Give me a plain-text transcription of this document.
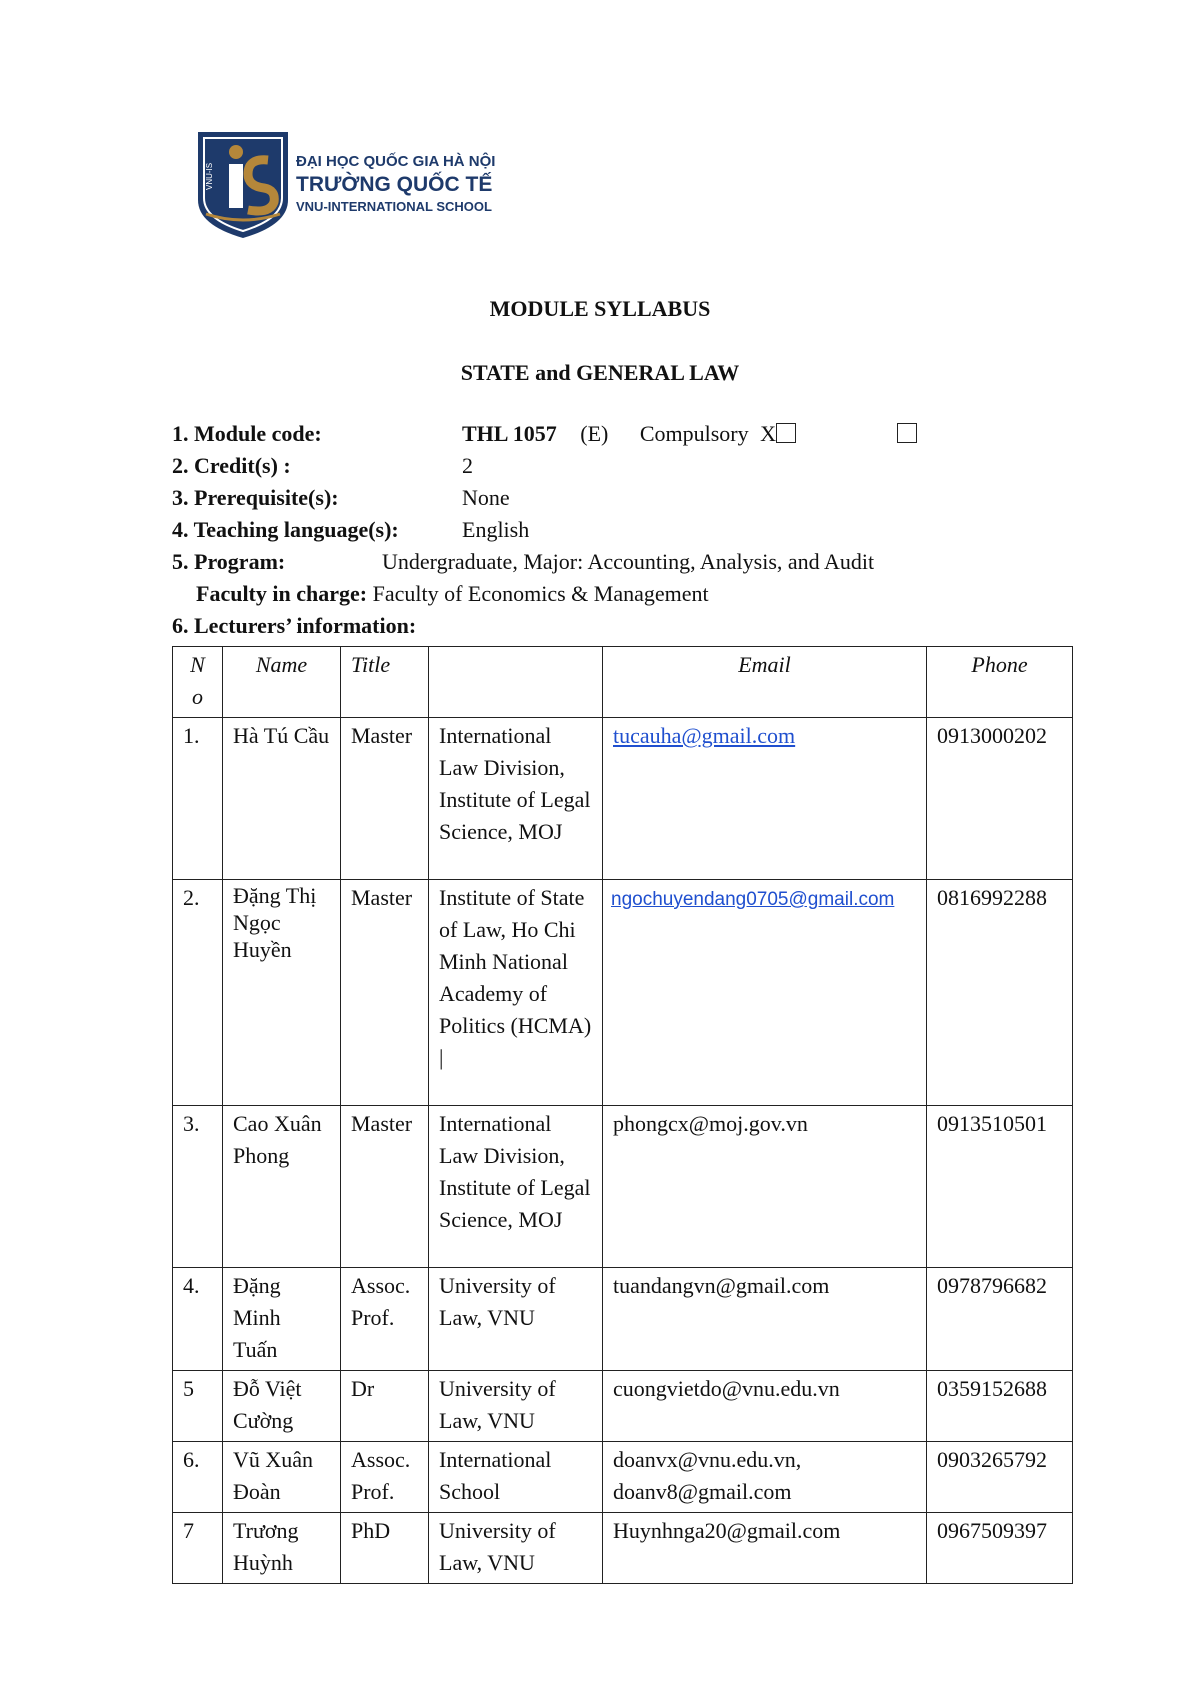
VNU-IS
ĐẠI HỌC QUỐC GIA HÀ NỘI
TRƯỜNG QUỐC TẾ
VNU-INTERNATIONAL SCHOOL
MODULE SYLLABUS
STATE and GENERAL LAW
1. Module code:	THL 1057 (E) Compulsory X
2. Credit(s) :	2
3. Prerequisite(s):	None
4. Teaching language(s):	English
5. Program:	Undergraduate, Major: Accounting, Analysis, and Audit
Faculty in charge: Faculty of Economics & Management
6. Lecturers’ information:
N o	Name	Title		Email	Phone
1.	Hà Tú Cầu	Master	International Law Division, Institute of Legal Science, MOJ	tucauha@gmail.com	0913000202
2.	Đặng Thị Ngọc Huyền	Master	Institute of State of Law, Ho Chi Minh National Academy of Politics (HCMA) |	ngochuyendang0705@gmail.com	0816992288
3.	Cao Xuân Phong	Master	International Law Division, Institute of Legal Science, MOJ	phongcx@moj.gov.vn	0913510501
4.	Đặng Minh Tuấn	Assoc. Prof.	University of Law, VNU	tuandangvn@gmail.com	0978796682
5	Đỗ Việt Cường	Dr	University of Law, VNU	cuongvietdo@vnu.edu.vn	0359152688
6.	Vũ Xuân Đoàn	Assoc. Prof.	International School	doanvx@vnu.edu.vn, doanv8@gmail.com	0903265792
7	Trương Huỳnh	PhD	University of Law, VNU	Huynhnga20@gmail.com	0967509397
